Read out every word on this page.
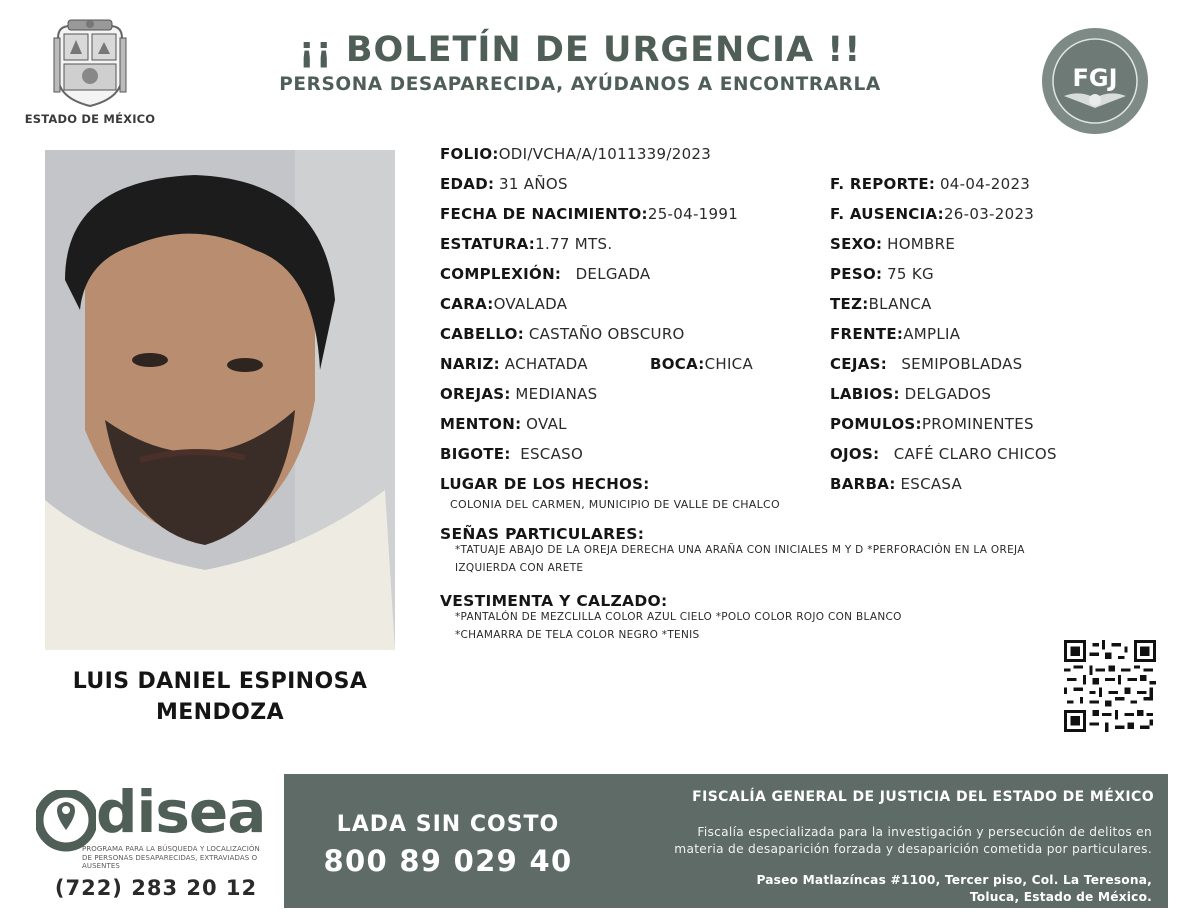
ESTADO DE MÉXICO
¡¡ BOLETÍN DE URGENCIA !!
PERSONA DESAPARECIDA, AYÚDANOS A ENCONTRARLA	FGJ
LUIS DANIEL ESPINOSA
MENDOZA
FOLIO:ODI/VCHA/A/1011339/2023
EDAD: 31 AÑOS
FECHA DE NACIMIENTO:25-04-1991
ESTATURA:1.77 MTS.
COMPLEXIÓN: DELGADA
CARA:OVALADA
CABELLO: CASTAÑO OBSCURO
NARIZ: ACHATADA	BOCA:CHICA
OREJAS: MEDIANAS
MENTON: OVAL
BIGOTE: ESCASO
LUGAR DE LOS HECHOS:
COLONIA DEL CARMEN, MUNICIPIO DE VALLE DE CHALCO
F. REPORTE: 04-04-2023
F. AUSENCIA:26-03-2023
SEXO: HOMBRE
PESO: 75 KG
TEZ:BLANCA
FRENTE:AMPLIA
CEJAS: SEMIPOBLADAS
LABIOS: DELGADOS
POMULOS:PROMINENTES
OJOS: CAFÉ CLARO CHICOS
BARBA: ESCASA
SEÑAS PARTICULARES:
*TATUAJE ABAJO DE LA OREJA DERECHA UNA ARAÑA CON INICIALES M Y D *PERFORACIÓN EN LA OREJA
IZQUIERDA CON ARETE
VESTIMENTA Y CALZADO:
*PANTALÓN DE MEZCLILLA COLOR AZUL CIELO *POLO COLOR ROJO CON BLANCO
*CHAMARRA DE TELA COLOR NEGRO *TENIS
disea
PROGRAMA PARA LA BÚSQUEDA Y LOCALIZACIÓN DE PERSONAS DESAPARECIDAS, EXTRAVIADAS O AUSENTES
(722) 283 20 12
LADA SIN COSTO
800 89 029 40
FISCALÍA GENERAL DE JUSTICIA DEL ESTADO DE MÉXICO
Fiscalía especializada para la investigación y persecución de delitos en
materia de desaparición forzada y desaparición cometida por particulares.
Paseo Matlazíncas #1100, Tercer piso, Col. La Teresona,
Toluca, Estado de México.
